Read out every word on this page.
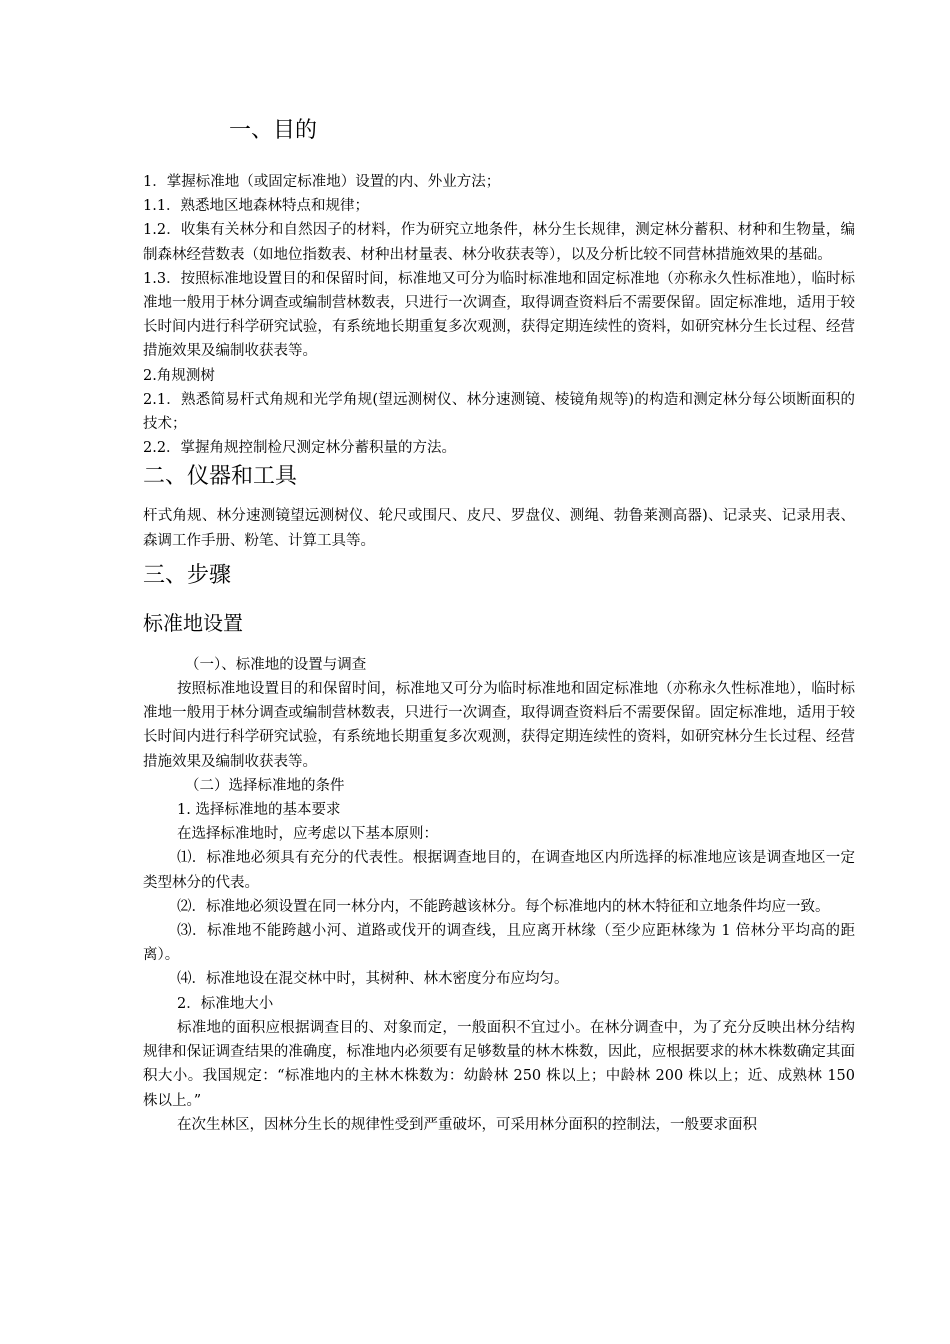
一、目的

1．掌握标准地（或固定标准地）设置的内、外业方法；

1.1．熟悉地区地森林特点和规律；

1.2．收集有关林分和自然因子的材料，作为研究立地条件，林分生长规律，测定林分蓄积、材种和生物量，编制森林经营数表（如地位指数表、材种出材量表、林分收获表等），以及分析比较不同营林措施效果的基础。

1.3．按照标准地设置目的和保留时间，标准地又可分为临时标准地和固定标准地（亦称永久性标准地），临时标准地一般用于林分调查或编制营林数表，只进行一次调查，取得调查资料后不需要保留。固定标准地，适用于较长时间内进行科学研究试验，有系统地长期重复多次观测，获得定期连续性的资料，如研究林分生长过程、经营措施效果及编制收获表等。

2.角规测树

2.1．熟悉简易杆式角规和光学角规(望远测树仪、林分速测镜、棱镜角规等)的构造和测定林分每公顷断面积的技术；

2.2．掌握角规控制检尺测定林分蓄积量的方法。

二、仪器和工具

杆式角规、林分速测镜望远测树仪、轮尺或围尺、皮尺、罗盘仪、测绳、勃鲁莱测高器)、记录夹、记录用表、森调工作手册、粉笔、计算工具等。

三、步骤
标准地设置

（一）、标准地的设置与调查

按照标准地设置目的和保留时间，标准地又可分为临时标准地和固定标准地（亦称永久性标准地），临时标准地一般用于林分调查或编制营林数表，只进行一次调查，取得调查资料后不需要保留。固定标准地，适用于较长时间内进行科学研究试验，有系统地长期重复多次观测，获得定期连续性的资料，如研究林分生长过程、经营措施效果及编制收获表等。

（二）选择标准地的条件

1. 选择标准地的基本要求

在选择标准地时，应考虑以下基本原则：

⑴．标准地必须具有充分的代表性。根据调查地目的，在调查地区内所选择的标准地应该是调查地区一定类型林分的代表。

⑵．标准地必须设置在同一林分内，不能跨越该林分。每个标准地内的林木特征和立地条件均应一致。

⑶．标准地不能跨越小河、道路或伐开的调查线，且应离开林缘（至少应距林缘为 1 倍林分平均高的距离）。

⑷．标准地设在混交林中时，其树种、林木密度分布应均匀。

2．标准地大小

标准地的面积应根据调查目的、对象而定，一般面积不宜过小。在林分调查中，为了充分反映出林分结构规律和保证调查结果的准确度，标准地内必须要有足够数量的林木株数，因此，应根据要求的林木株数确定其面积大小。我国规定：“标准地内的主林木株数为：幼龄林 250 株以上；中龄林 200 株以上；近、成熟林 150 株以上。”

在次生林区，因林分生长的规律性受到严重破坏，可采用林分面积的控制法，一般要求面积
